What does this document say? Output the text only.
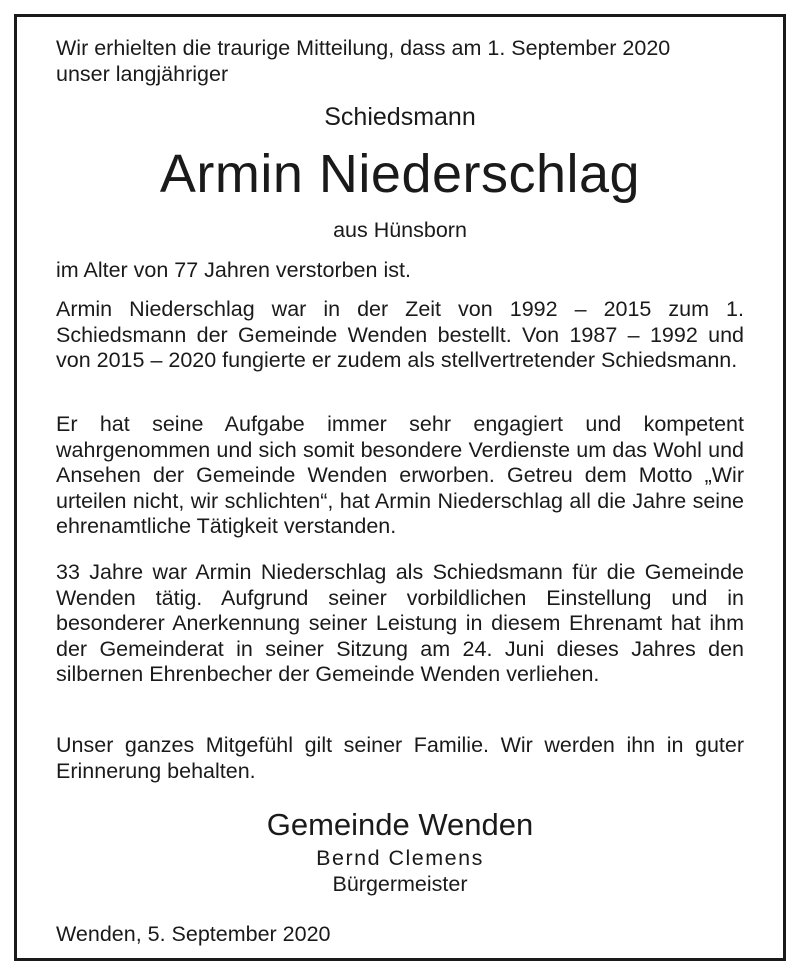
Wir erhielten die traurige Mitteilung, dass am 1. September 2020 unser langjähriger

Schiedsmann
Armin Niederschlag
aus Hünsborn

im Alter von 77 Jahren verstorben ist.

Armin Niederschlag war in der Zeit von 1992 – 2015 zum 1. Schiedsmann der Gemeinde Wenden bestellt. Von 1987 – 1992 und von 2015 – 2020 fungierte er zudem als stellvertretender Schiedsmann.

Er hat seine Aufgabe immer sehr engagiert und kompetent wahrgenommen und sich somit besondere Verdienste um das Wohl und Ansehen der Gemeinde Wenden erworben. Getreu dem Motto „Wir urteilen nicht, wir schlichten“, hat Armin Niederschlag all die Jahre seine ehrenamtliche Tätigkeit verstanden.

33 Jahre war Armin Niederschlag als Schiedsmann für die Gemeinde Wenden tätig. Aufgrund seiner vorbildlichen Einstellung und in besonderer Anerkennung seiner Leistung in diesem Ehrenamt hat ihm der Gemeinderat in seiner Sitzung am 24. Juni dieses Jahres den silbernen Ehrenbecher der Gemeinde Wenden verliehen.

Unser ganzes Mitgefühl gilt seiner Familie. Wir werden ihn in guter Erinnerung behalten.

Gemeinde Wenden
Bernd Clemens
Bürgermeister

Wenden, 5. September 2020
